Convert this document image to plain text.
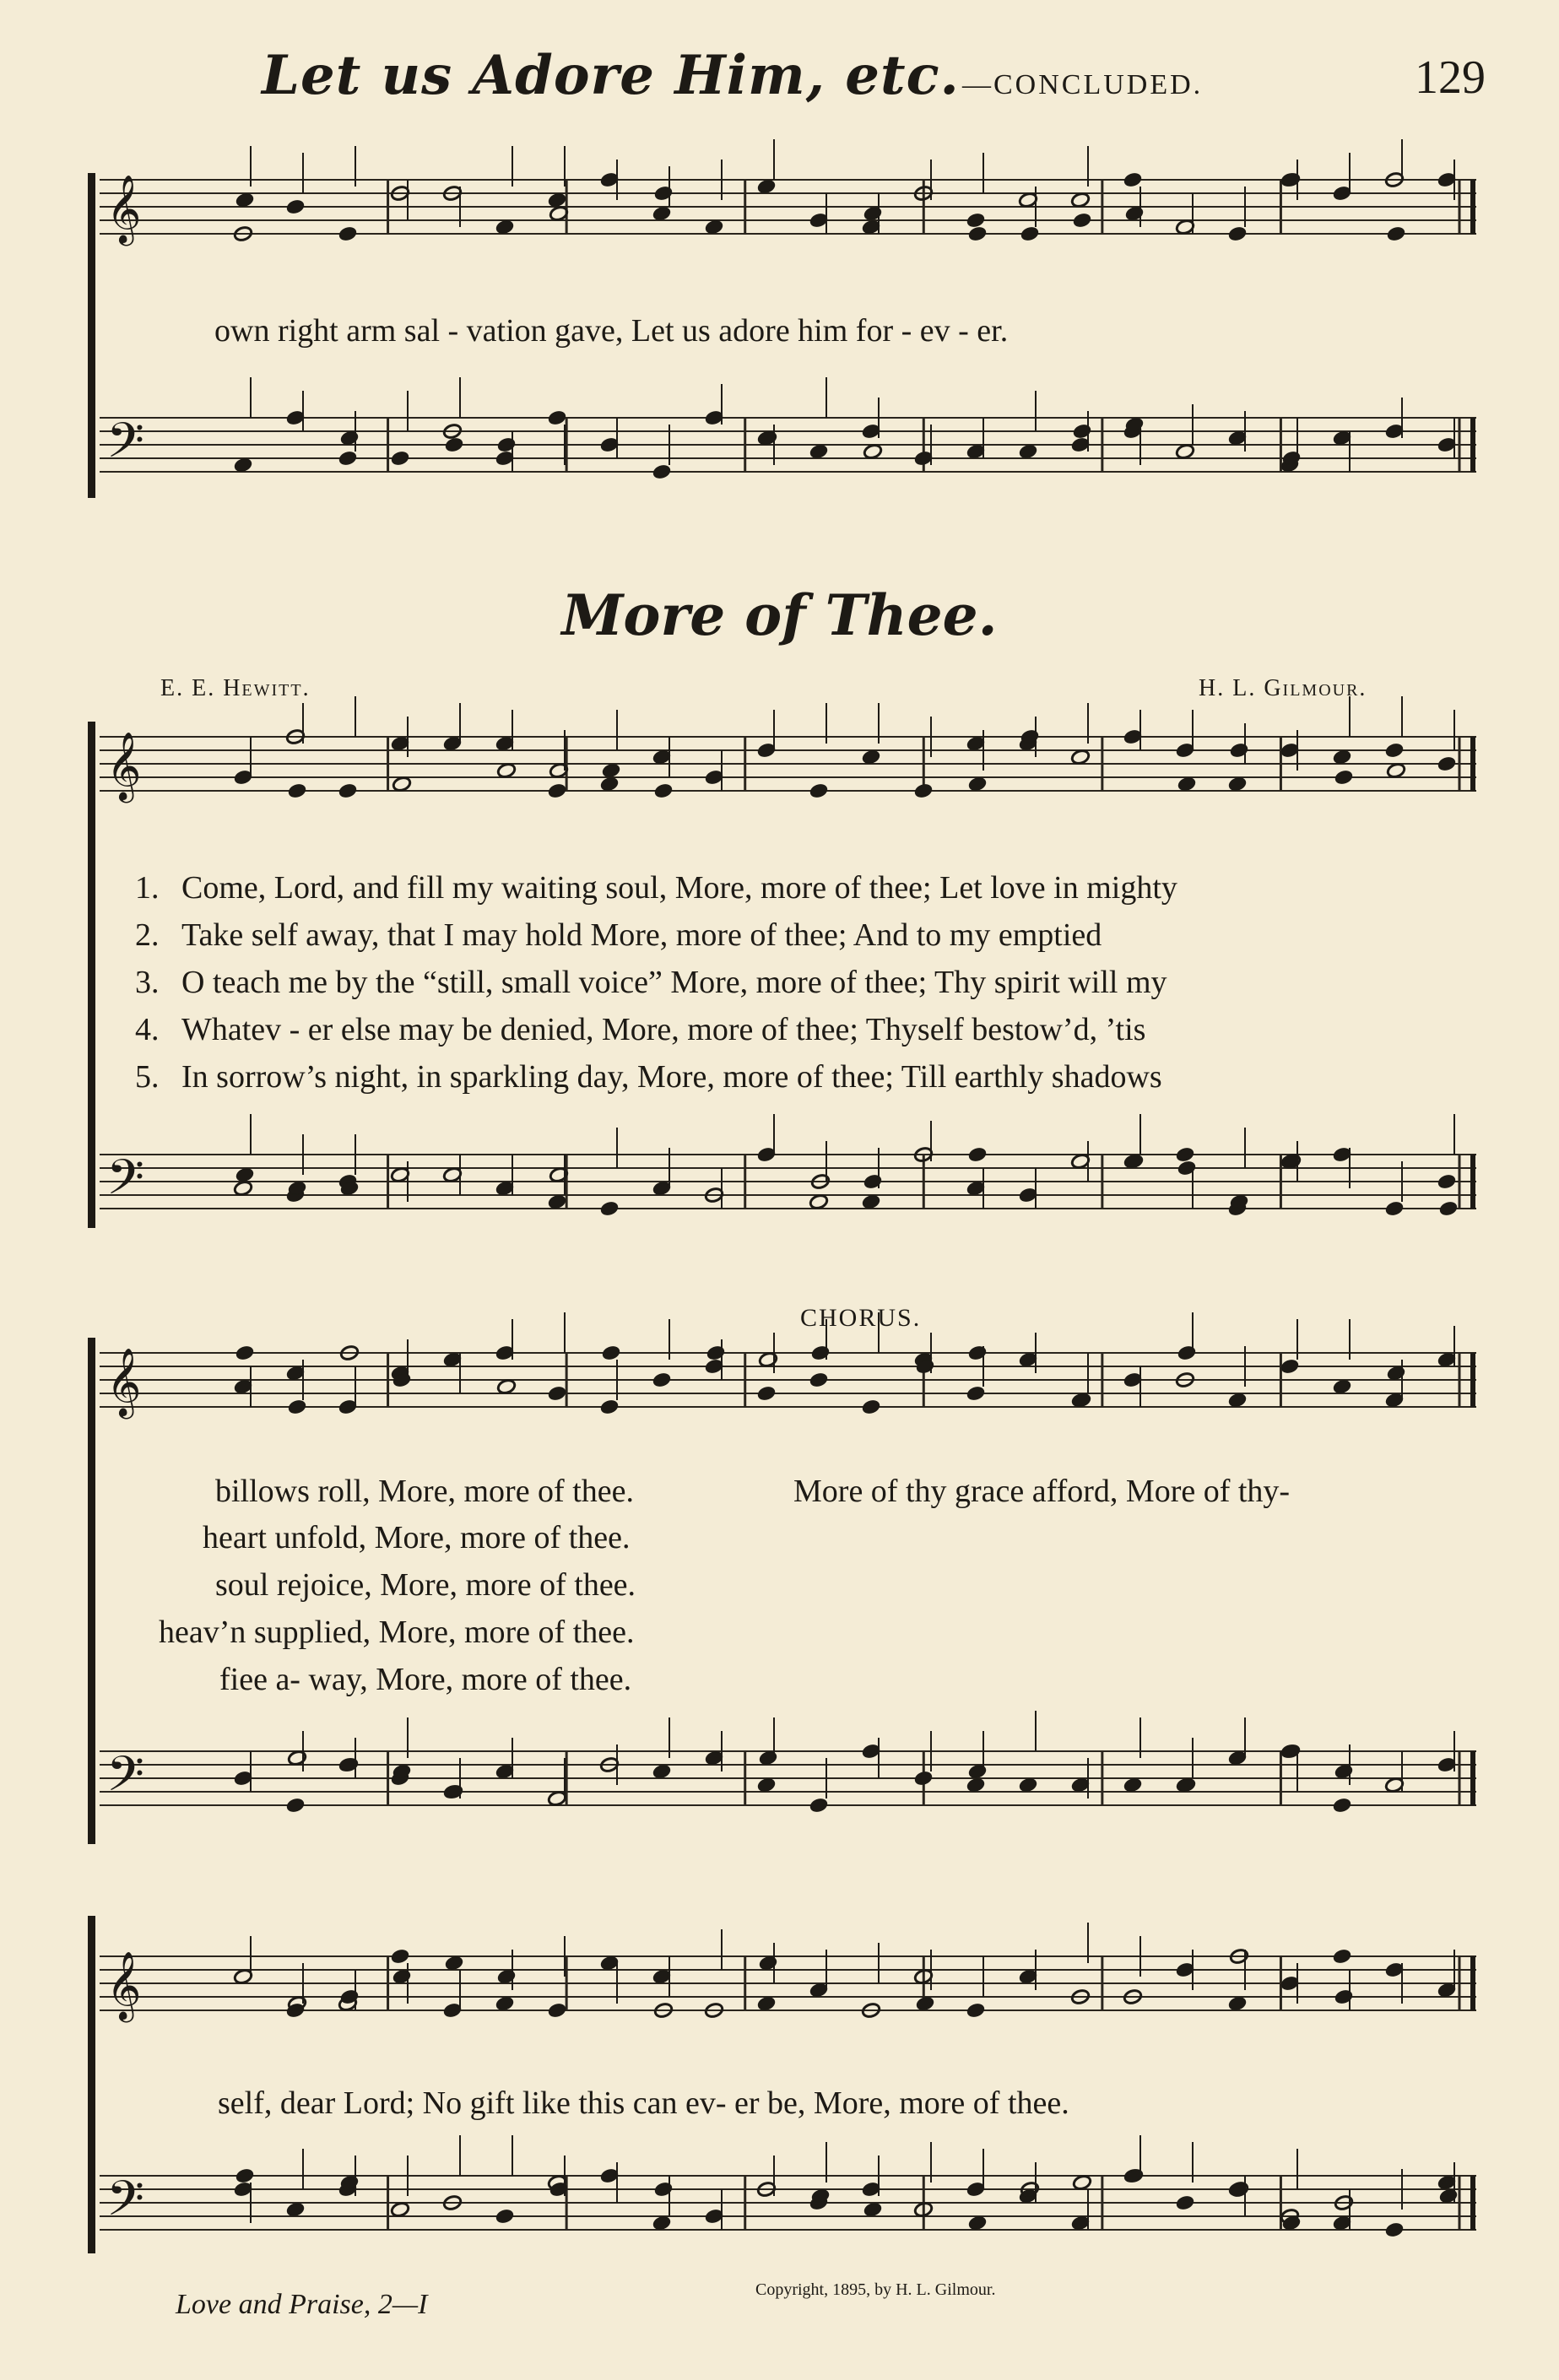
Let us Adore Him, etc. —CONCLUDED.	129
𝄞
own right arm sal - vation gave, Let us adore him for - ev - er.
𝄢
More of Thee.
E. E. Hewitt.	H. L. Gilmour.
𝄞
𝄢
1. Come, Lord, and fill my waiting soul, More, more of thee; Let love in mighty
2. Take self away, that I may hold More, more of thee; And to my emptied
3. O teach me by the “still, small voice” More, more of thee; Thy spirit will my
4. Whatev - er else may be denied, More, more of thee; Thyself bestow’d, ’tis
5. In sorrow’s night, in sparkling day, More, more of thee; Till earthly shadows
CHORUS.
𝄞
𝄢
billows roll, More, more of thee.
heart unfold, More, more of thee.
soul rejoice, More, more of thee.
heav’n supplied, More, more of thee.
fiee a- way, More, more of thee.
More of thy grace afford, More of thy-
𝄞
𝄢
self, dear Lord; No gift like this can ev- er be, More, more of thee.
Love and Praise, 2—I	Copyright, 1895, by H. L. Gilmour.
